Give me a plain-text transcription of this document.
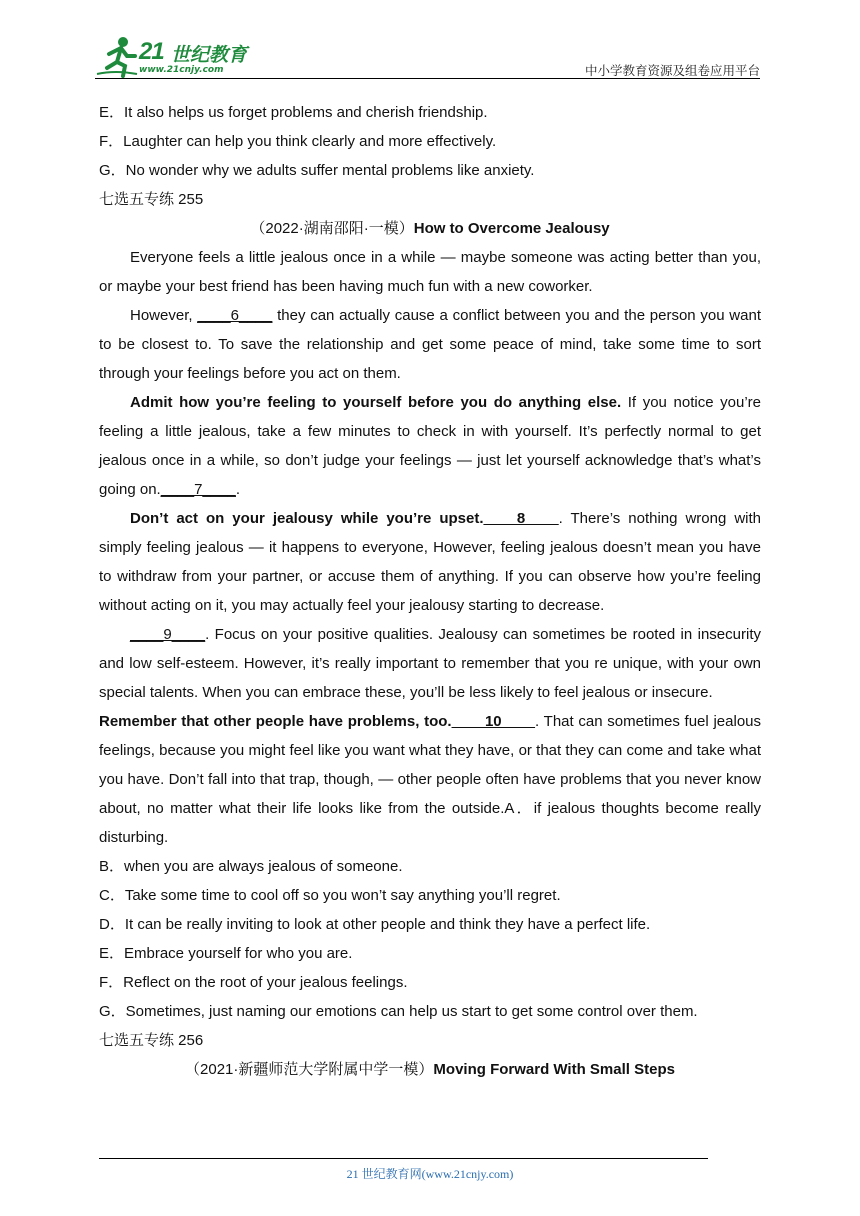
21 世纪教育
www.21cnjy.com	中小学教育资源及组卷应用平台

E．It also helps us forget problems and cherish friendship.

F．Laughter can help you think clearly and more effectively.

G．No wonder why we adults suffer mental problems like anxiety.

七选五专练 255

（2022·湖南邵阳·一模）How to Overcome Jealousy

Everyone feels a little jealous once in a while — maybe someone was acting better than you, or maybe your best friend has been having much fun with a new coworker.

However, ____6____ they can actually cause a conflict between you and the person you want to be closest to. To save the relationship and get some peace of mind, take some time to sort through your feelings before you act on them.

Admit how you’re feeling to yourself before you do anything else. If you notice you’re feeling a little jealous, take a few minutes to check in with yourself. It’s perfectly normal to get jealous once in a while, so don’t judge your feelings — just let yourself acknowledge that’s what’s going on.____7____.

Don’t act on your jealousy while you’re upset.____8____. There’s nothing wrong with simply feeling jealous — it happens to everyone, However, feeling jealous doesn’t mean you have to withdraw from your partner, or accuse them of anything. If you can observe how you’re feeling without acting on it, you may actually feel your jealousy starting to decrease.

____9____. Focus on your positive qualities. Jealousy can sometimes be rooted in insecurity and low self-esteem. However, it’s really important to remember that you re unique, with your own special talents. When you can embrace these, you’ll be less likely to feel jealous or insecure.

Remember that other people have problems, too.____10____. That can sometimes fuel jealous feelings, because you might feel like you want what they have, or that they can come and take what you have. Don’t fall into that trap, though, — other people often have problems that you never know about, no matter what their life looks like from the outside.A．if jealous thoughts become really disturbing.

B．when you are always jealous of someone.

C．Take some time to cool off so you won’t say anything you’ll regret.

D．It can be really inviting to look at other people and think they have a perfect life.

E．Embrace yourself for who you are.

F．Reflect on the root of your jealous feelings.

G．Sometimes, just naming our emotions can help us start to get some control over them.

七选五专练 256

（2021·新疆师范大学附属中学一模）Moving Forward With Small Steps

21 世纪教育网(www.21cnjy.com)
